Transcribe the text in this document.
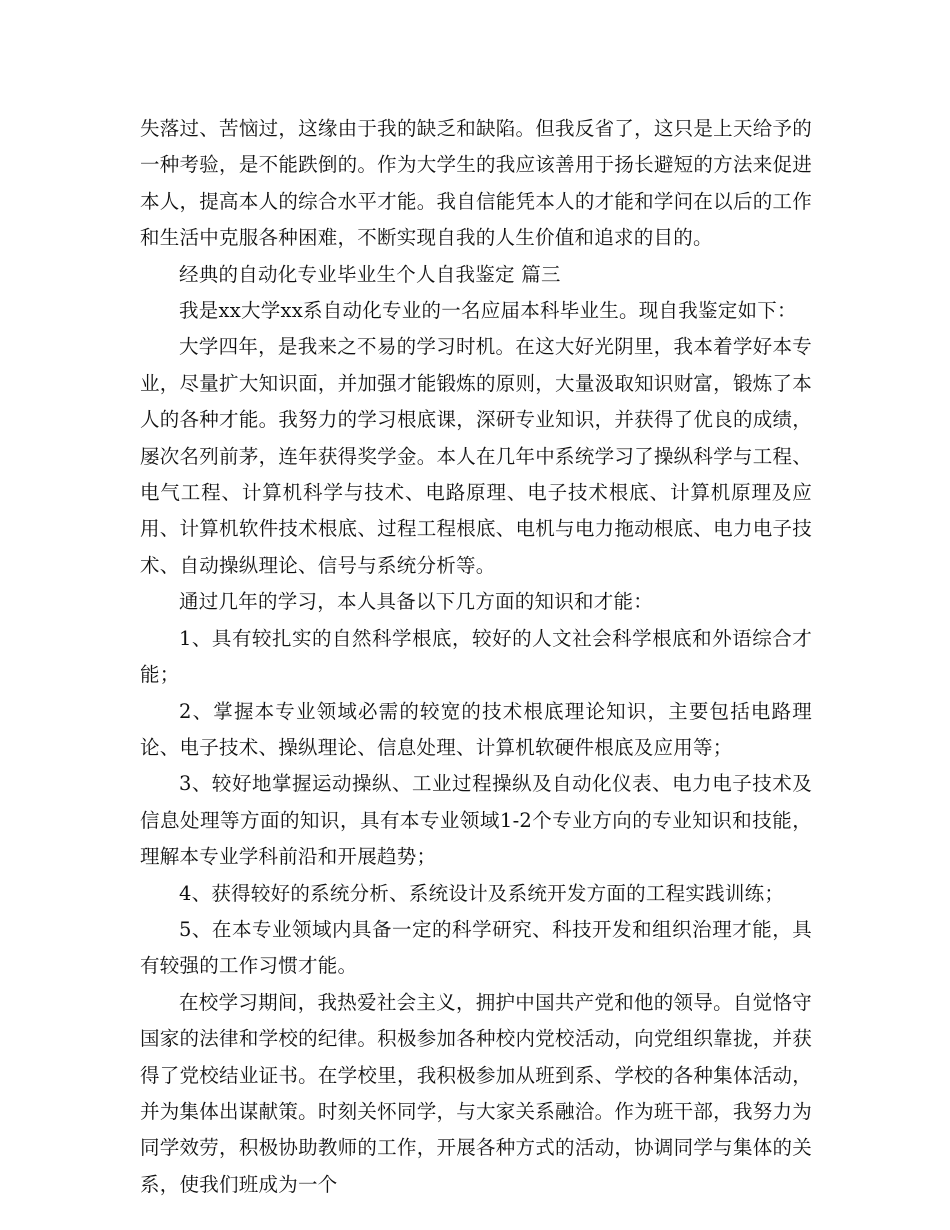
失落过、苦恼过，这缘由于我的缺乏和缺陷。但我反省了，这只是上天给予的一种考验，是不能跌倒的。作为大学生的我应该善用于扬长避短的方法来促进本人，提高本人的综合水平才能。我自信能凭本人的才能和学问在以后的工作和生活中克服各种困难，不断实现自我的人生价值和追求的目的。

经典的自动化专业毕业生个人自我鉴定 篇三

我是xx大学xx系自动化专业的一名应届本科毕业生。现自我鉴定如下：

大学四年，是我来之不易的学习时机。在这大好光阴里，我本着学好本专业，尽量扩大知识面，并加强才能锻炼的原则，大量汲取知识财富，锻炼了本人的各种才能。我努力的学习根底课，深研专业知识，并获得了优良的成绩，屡次名列前茅，连年获得奖学金。本人在几年中系统学习了操纵科学与工程、电气工程、计算机科学与技术、电路原理、电子技术根底、计算机原理及应用、计算机软件技术根底、过程工程根底、电机与电力拖动根底、电力电子技术、自动操纵理论、信号与系统分析等。

通过几年的学习，本人具备以下几方面的知识和才能：

1、具有较扎实的自然科学根底，较好的人文社会科学根底和外语综合才能；

2、掌握本专业领域必需的较宽的技术根底理论知识，主要包括电路理论、电子技术、操纵理论、信息处理、计算机软硬件根底及应用等；

3、较好地掌握运动操纵、工业过程操纵及自动化仪表、电力电子技术及信息处理等方面的知识，具有本专业领域1-2个专业方向的专业知识和技能，理解本专业学科前沿和开展趋势；

4、获得较好的系统分析、系统设计及系统开发方面的工程实践训练；

5、在本专业领域内具备一定的科学研究、科技开发和组织治理才能，具有较强的工作习惯才能。

在校学习期间，我热爱社会主义，拥护中国共产党和他的领导。自觉恪守国家的法律和学校的纪律。积极参加各种校内党校活动，向党组织靠拢，并获得了党校结业证书。在学校里，我积极参加从班到系、学校的各种集体活动，并为集体出谋献策。时刻关怀同学，与大家关系融洽。作为班干部，我努力为同学效劳，积极协助教师的工作，开展各种方式的活动，协调同学与集体的关系，使我们班成为一个
